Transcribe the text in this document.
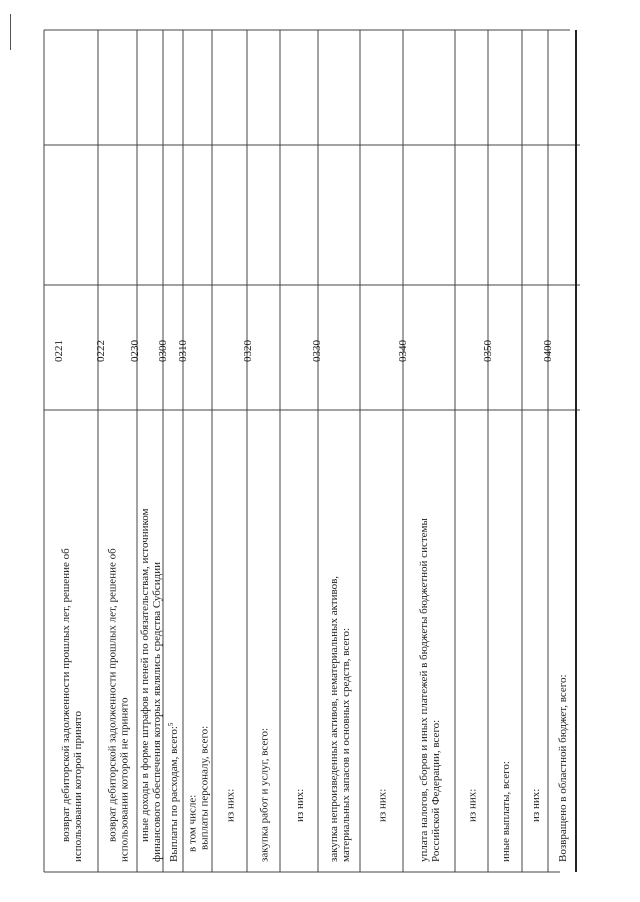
возврат дебиторской задолженности прошлых лет, решение об использовании которой принято
0221
возврат дебиторской задолженности прошлых лет, решение об использовании которой не принято
0222
иные доходы в форме штрафов и пеней по обязательствам, источником финансового обеспечения которых являлись средства Субсидии
0230
Выплаты по расходам, всего:$^5$
0300
в том числе: выплаты персоналу, всего:
0310
из них: закупка работ и услуг, всего:
0320
из них: закупка непроизведенных активов, нематериальных активов, материальных запасов и основных средств, всего:
0330
из них:	уплата налогов, сборов и иных платежей в бюджеты бюджетной системы Российской Федерации, всего:
0340
из них: иные выплаты, всего:
0350
из них: Возвращено в областной бюджет, всего:
0400
